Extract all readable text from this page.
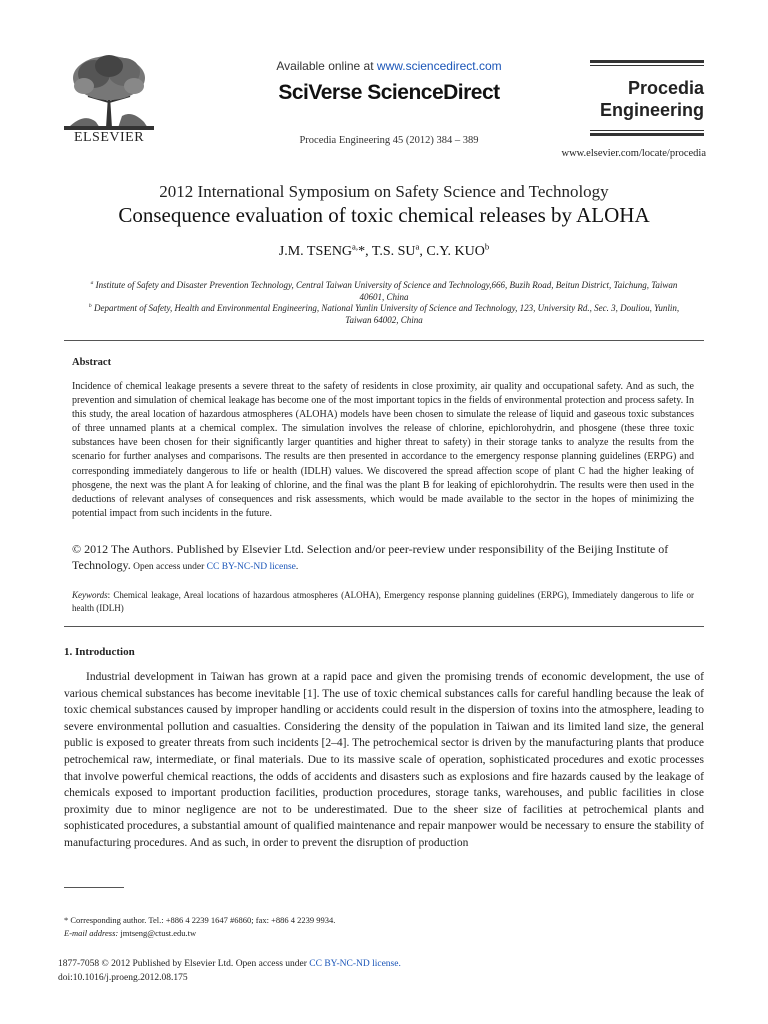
ELSEVIER
Available online at www.sciencedirect.com
SciVerse ScienceDirect
Procedia Engineering 45 (2012) 384 – 389
Procedia
Engineering
www.elsevier.com/locate/procedia
2012 International Symposium on Safety Science and Technology
Consequence evaluation of toxic chemical releases by ALOHA
J.M. $TSENG^{a,}*$, T.S. $SU^a$, C.Y. KUO$^b$
$^a$ Institute of Safety and Disaster Prevention Technology, Central Taiwan University of Science and Technology,666, Buzih Road, Beitun District, Taichung, Taiwan 40601, China
$^b$ Department of Safety, Health and Environmental Engineering, National Yunlin University of Science and Technology, 123, University Rd., Sec. 3, Douliou, Yunlin, Taiwan 64002, China
Abstract
Incidence of chemical leakage presents a severe threat to the safety of residents in close proximity, air quality and occupational safety. And as such, the prevention and simulation of chemical leakage has become one of the most important topics in the fields of environmental protection and process safety. In this study, the areal location of hazardous atmospheres (ALOHA) models have been chosen to simulate the release of liquid and gaseous toxic substances of three unnamed plants at a chemical complex. The simulation involves the release of chlorine, epichlorohydrin, and phosgene (these three toxic substances have been chosen for their significantly larger quantities and higher threat to safety) in their storage tanks to analyze the results from the scenario for further analyses and comparisons. The results are then presented in accordance to the emergency response planning guidelines (ERPG) and corresponding immediately dangerous to life or health (IDLH) values. We discovered the spread affection scope of plant C had the higher leaking of phosgene, the next was the plant A for leaking of chlorine, and the final was the plant B for leaking of epichlorohydrin. The results were then used in the deductions of relevant analyses of consequences and risk assessments, which would be made available to the sector in the hopes of minimizing the potential impact from such incidents in the future.
© 2012 The Authors. Published by Elsevier Ltd. Selection and/or peer-review under responsibility of the Beijing Institute of Technology. Open access under CC BY-NC-ND license.
Keywords: Chemical leakage, Areal locations of hazardous atmospheres (ALOHA), Emergency response planning guidelines (ERPG), Immediately dangerous to life or health (IDLH)
1. Introduction
Industrial development in Taiwan has grown at a rapid pace and given the promising trends of economic development, the use of various chemical substances has become inevitable [1]. The use of toxic chemical substances calls for careful handling because the leak of toxic chemical substances caused by improper handling or accidents could result in the dispersion of toxins into the atmosphere, leading to severe environmental pollution and casualties. Considering the density of the population in Taiwan and its limited land size, the general public is exposed to greater threats from such incidents [2–4]. The petrochemical sector is driven by the manufacturing plants that produce petrochemical raw, intermediate, or final materials. Due to its massive scale of operation, sophisticated procedures and exotic processes that involve powerful chemical reactions, the odds of accidents and disasters such as explosions and fire hazards caused by the leakage of chemicals exposed to important production facilities, production procedures, storage tanks, warehouses, and public facilities in close proximity due to minor negligence are not to be underestimated. Due to the sheer size of facilities at petrochemical plants and sophisticated procedures, a substantial amount of qualified maintenance and repair manpower would be necessary to ensure the stability of manufacturing procedures. And as such, in order to prevent the disruption of production
* Corresponding author. Tel.: +886 4 2239 1647 #6860; fax: +886 4 2239 9934.
E-mail address: jmtseng@ctust.edu.tw
1877-7058 © 2012 Published by Elsevier Ltd. Open access under CC BY-NC-ND license.
doi:10.1016/j.proeng.2012.08.175
